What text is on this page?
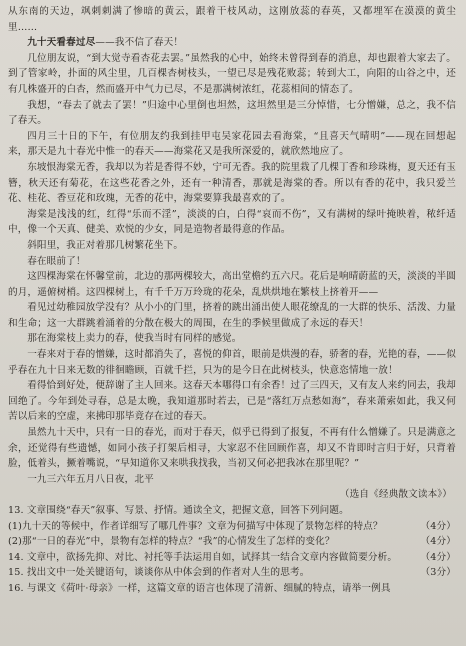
从东南的天边，飒刺刺满了惨暗的黄云，跟着干枝风动，这刚放蕊的春英，又都埋军在漠漠的黄尘里……

九十天看春过尽——我不信了春天！

几位朋友说，“到大觉寺看杏花去罢。”虽然我的心中，始终未曾得到春的消息，却也跟着大家去了。到了管家岭，扑面的风尘里，几百棵杏树枝头，一望已尽是残花败蕊；转到大工，向阳的山谷之中，还有几株盛开的白杏，然而盛开中气力已尽，不是那满树浓红，花蕊相间的情态了。

我想，“春去了就去了罢！”归途中心里倒也坦然，这坦然里是三分悼惜，七分憎嫌，总之，我不信了春天。

四月三十日的下午，有位朋友约我到挂甲屯吴家花园去看海棠，“且喜天气晴明”——现在回想起来，那天是九十春光中惟一的春天——海棠花又是我所深爱的，就欣然地应了。

东坡恨海棠无香，我却以为若是香得不妙，宁可无香。我的院里栽了几棵丁香和珍珠梅，夏天还有玉簪，秋天还有菊花，在这些花香之外，还有一种清香，那就是海棠的香。所以有香的花中，我只爱兰花、桂花、香豆花和玫瑰，无香的花中，海棠要算我最喜欢的了。

海棠是浅浅的红，红得“乐而不淫”，淡淡的白，白得“哀而不伤”，又有满树的绿叶掩映着，秾纤适中，像一个天真、健美、欢悦的少女，同是造物者最得意的作品。

斜阳里，我正对着那几树繁花坐下。

春在眼前了！

这四棵海棠在怀馨堂前，北边的那两棵较大，高出堂檐约五六尺。花后是响晴蔚蓝的天，淡淡的半圆的月，遥俯树梢。这四棵树上，有千千万万玲珑的花朵，乱烘烘地在繁枝上挤着开——

看见过幼稚园放学没有？从小小的门里，挤着的跳出涌出使人眼花缭乱的一大群的快乐、活泼、力量和生命；这一大群跳着涌着的分散在极大的周围，在生的季候里做成了永远的春天！

那在海棠枝上卖力的春，使我当时有同样的感觉。

一春来对于春的憎嫌，这时都消失了，喜悦的仰首，眼前是烘漫的春，骄奢的春，光艳的春，——似乎春在九十日来无数的徘徊瞻顾，百就千拦，只为的是今日在此树枝头，快意恣情地一放！

看得恰到好处，便辞谢了主人回来。这春天本哪得口有余香！过了三四天，又有友人来约同去，我却回绝了。今年到处寻春，总是太晚，我知道那时若去，已是“落红万点愁如海”，春来萧索如此，我又何苦以后来的空虚，来拂印那毕竟存在过的春天。

虽然九十天中，只有一日的春光，而对于春天，似乎已得到了报复，不再有什么憎嫌了。只是满意之余，还觉得有些遗憾，如同小孩子打架后相寻，大家忍不住回顾作喜，却又不肯即时言归于好，只背着脸，低着头，撅着嘴说，“早知道你又来哄我找我，当初又何必把我冰在那里呢？”

一九三六年五月八日夜，北平

（选自《经典散文读本》）

13. 文章围绕“春天”叙事、写景、抒情。通读全文，把握文意，回答下列问题。

(1)九十天的等候中，作者详细写了哪几件事？文章为何描写中体现了景物怎样的特点？	（4分）

(2)那“一日的春光”中，景物有怎样的特点？“我”的心情发生了怎样的变化？	（4分）

14. 文章中，欲扬先抑、对比、衬托等手法运用自如，试择其一结合文章内容做简要分析。	（4分）

15. 找出文中一处关键语句，谈谈你从中体会到的作者对人生的思考。	（3分）

16. 与课文《荷叶·母亲》一样，这篇文章的语言也体现了清新、细腻的特点，请举一例具
